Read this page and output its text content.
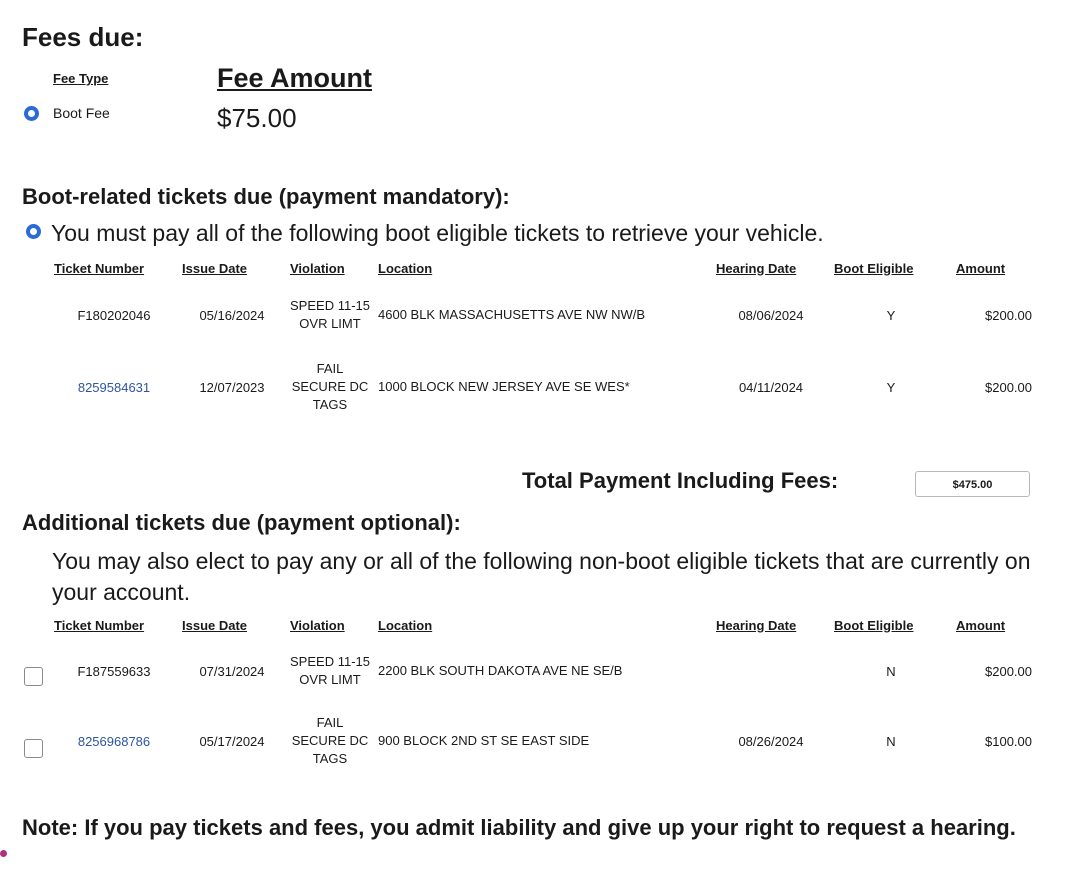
Fees due:
Fee Type	Fee Amount
Boot Fee	$75.00
Boot-related tickets due (payment mandatory):
You must pay all of the following boot eligible tickets to retrieve your vehicle.
Ticket Number	Issue Date	Violation	Location	Hearing Date	Boot Eligible	Amount
F180202046	05/16/2024	SPEED 11-15 OVR LIMT	4600 BLK MASSACHUSETTS AVE NW NW/B	08/06/2024	Y	$200.00
8259584631	12/07/2023	FAIL SECURE DC TAGS	1000 BLOCK NEW JERSEY AVE SE WES*	04/11/2024	Y	$200.00
Total Payment Including Fees:	$475.00
Additional tickets due (payment optional):
You may also elect to pay any or all of the following non-boot eligible tickets that are currently on your account.
Ticket Number	Issue Date	Violation	Location	Hearing Date	Boot Eligible	Amount
F187559633	07/31/2024	SPEED 11-15 OVR LIMT	2200 BLK SOUTH DAKOTA AVE NE SE/B		N	$200.00
8256968786	05/17/2024	FAIL SECURE DC TAGS	900 BLOCK 2ND ST SE EAST SIDE	08/26/2024	N	$100.00
Note: If you pay tickets and fees, you admit liability and give up your right to request a hearing.
